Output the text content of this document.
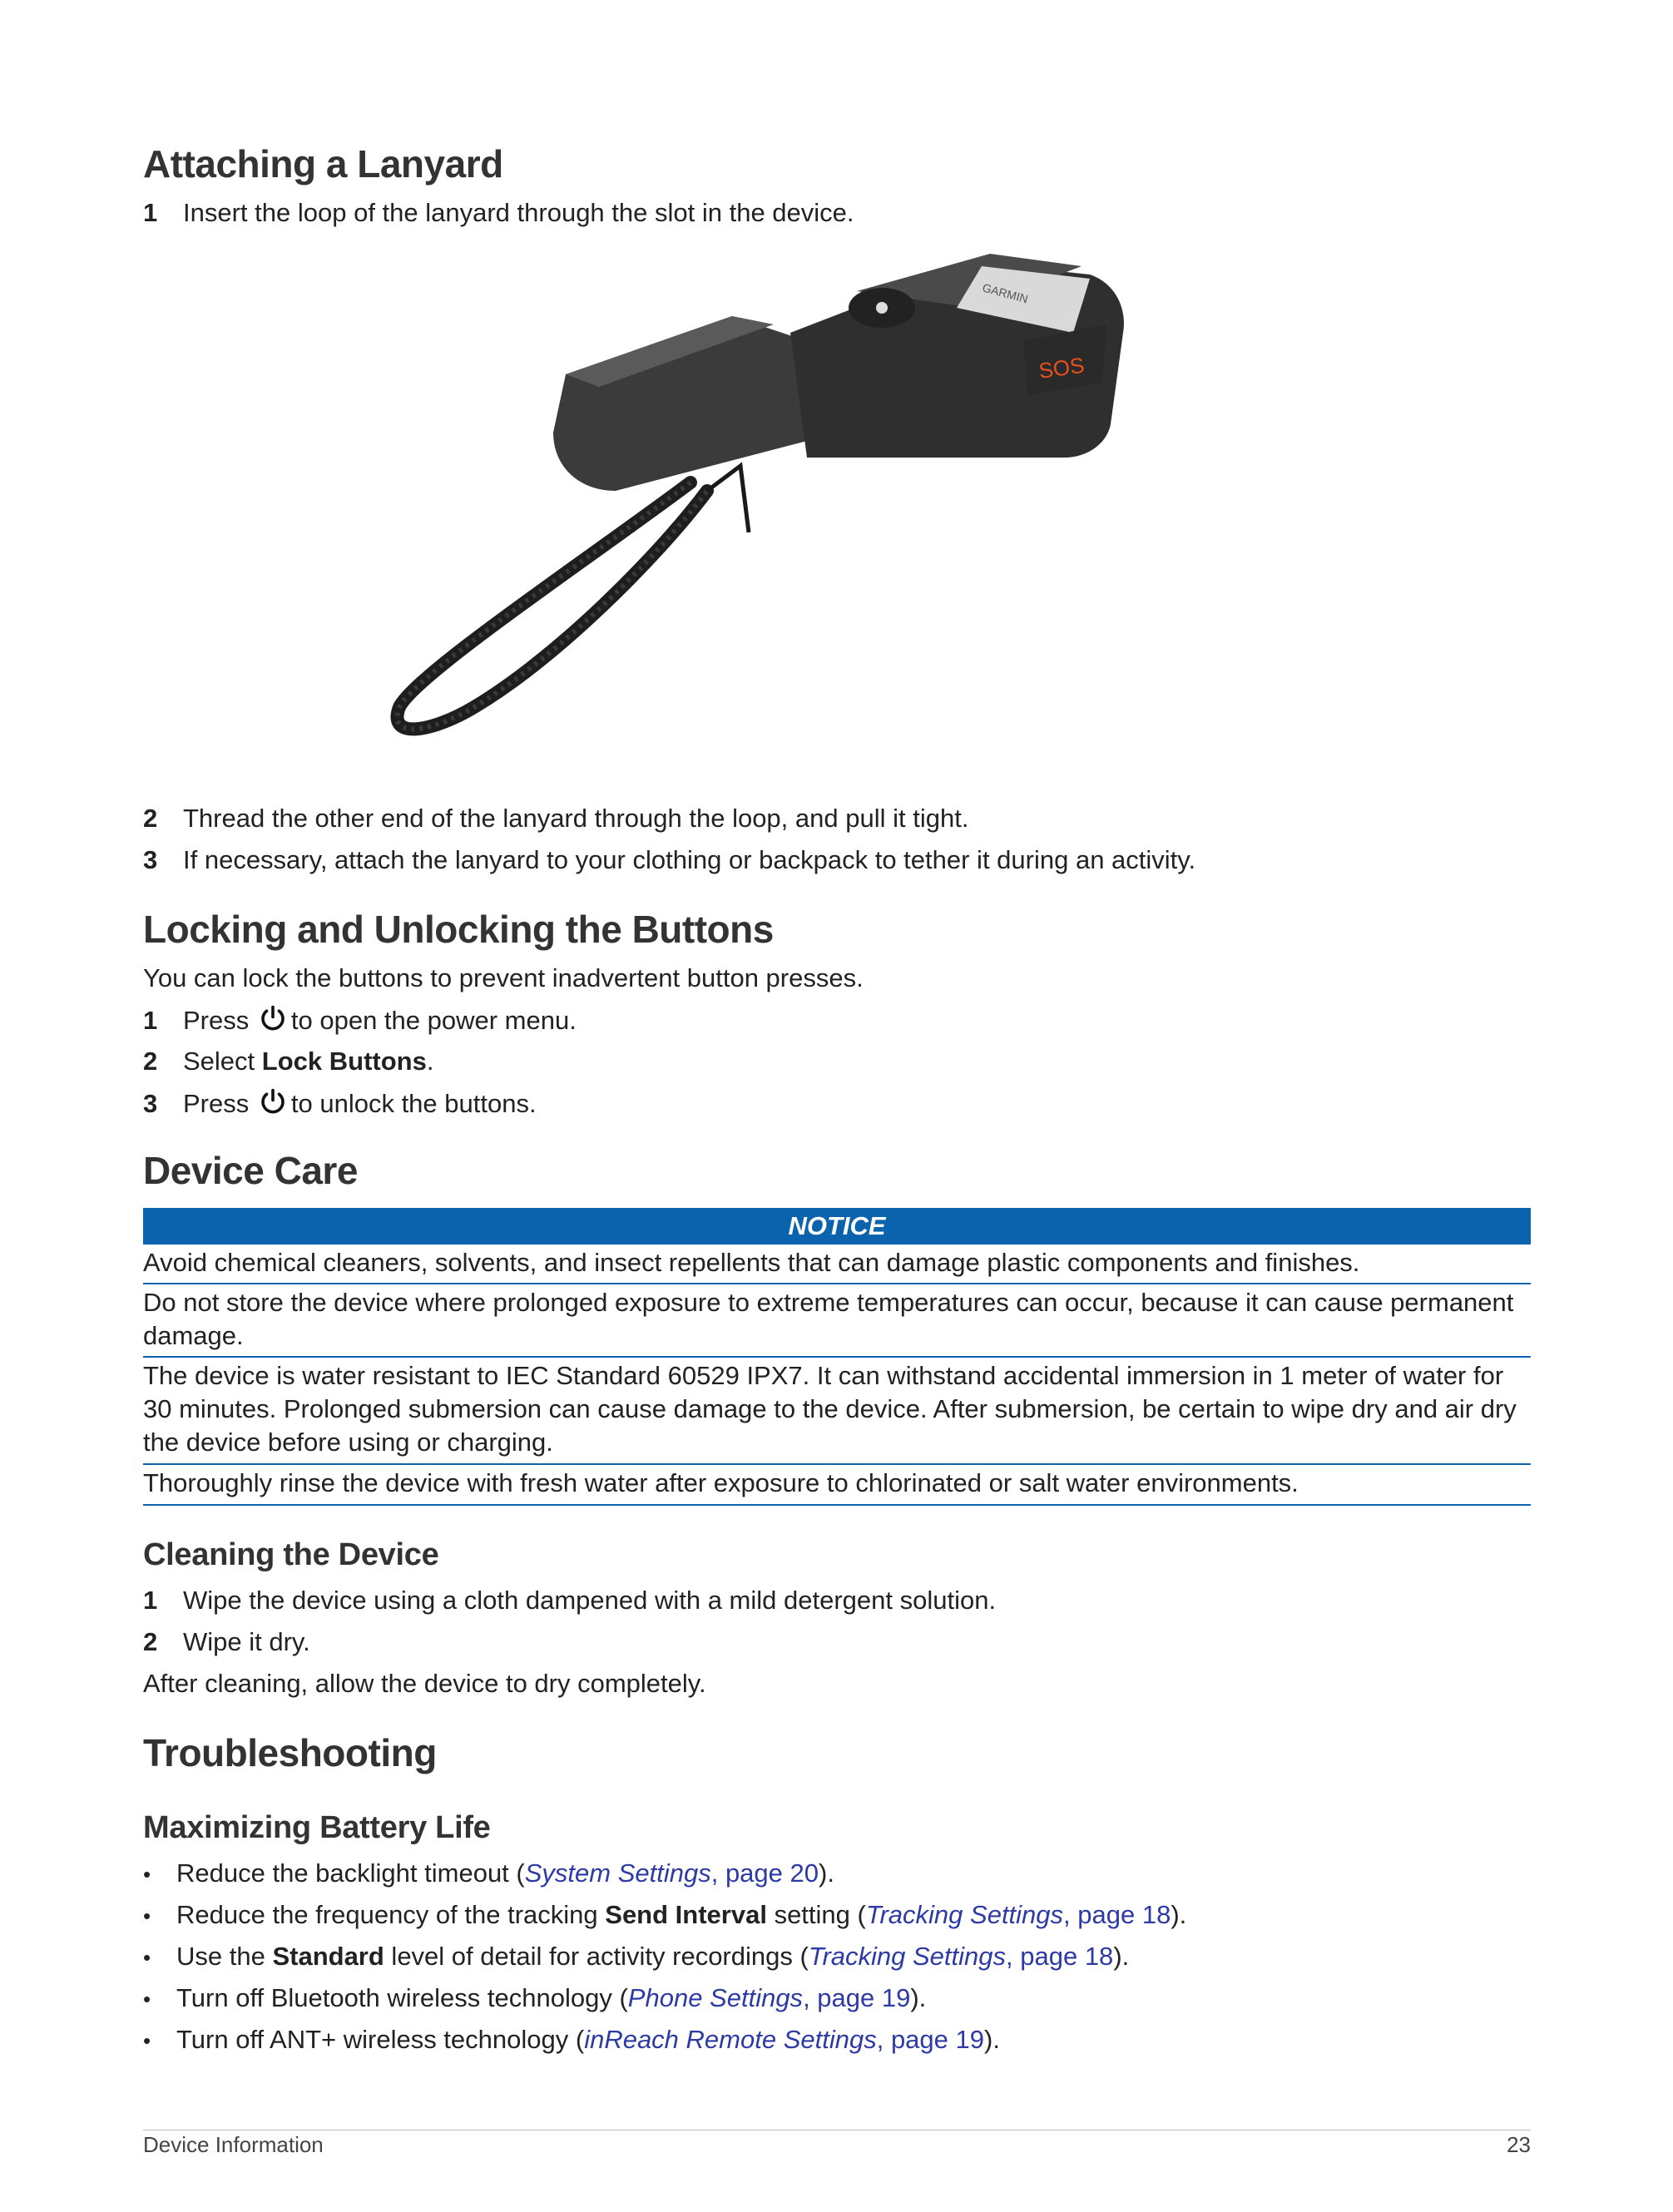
Attaching a Lanyard
1 Insert the loop of the lanyard through the slot in the device.
GARMIN
SOS
2 Thread the other end of the lanyard through the loop, and pull it tight.
3 If necessary, attach the lanyard to your clothing or backpack to tether it during an activity.
Locking and Unlocking the Buttons
You can lock the buttons to prevent inadvertent button presses.
1 Press to open the power menu.
2 Select Lock Buttons.
3 Press to unlock the buttons.
Device Care
NOTICE
Avoid chemical cleaners, solvents, and insect repellents that can damage plastic components and finishes.
Do not store the device where prolonged exposure to extreme temperatures can occur, because it can cause permanent damage.
The device is water resistant to IEC Standard 60529 IPX7. It can withstand accidental immersion in 1 meter of water for 30 minutes. Prolonged submersion can cause damage to the device. After submersion, be certain to wipe dry and air dry the device before using or charging.
Thoroughly rinse the device with fresh water after exposure to chlorinated or salt water environments.
Cleaning the Device
1 Wipe the device using a cloth dampened with a mild detergent solution.
2 Wipe it dry.
After cleaning, allow the device to dry completely.
Troubleshooting
Maximizing Battery Life
• Reduce the backlight timeout (System Settings, page 20).
• Reduce the frequency of the tracking Send Interval setting (Tracking Settings, page 18).
• Use the Standard level of detail for activity recordings (Tracking Settings, page 18).
• Turn off Bluetooth wireless technology (Phone Settings, page 19).
• Turn off ANT+ wireless technology (inReach Remote Settings, page 19).
Device Information	23
